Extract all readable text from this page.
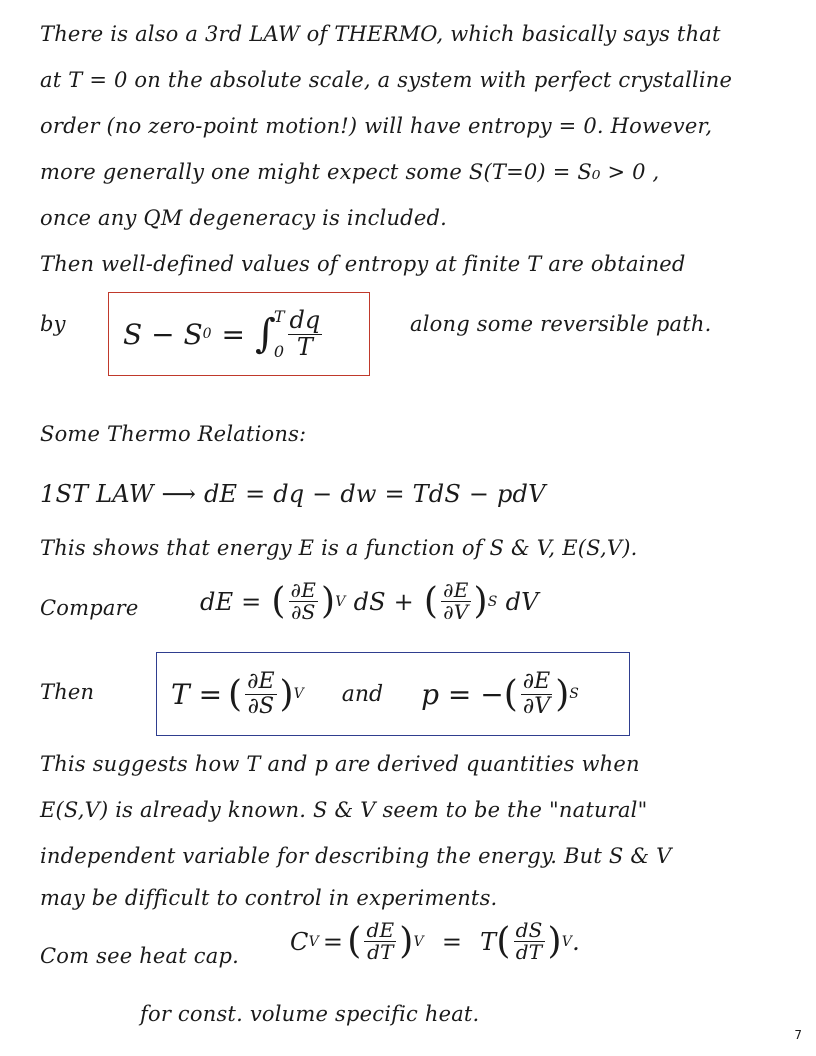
There is also a 3rd LAW of THERMO, which basically says that
at T = 0 on the absolute scale, a system with perfect crystalline
order (no zero-point motion!) will have entropy = 0. However,
more generally one might expect some S(T=0) = S₀ > 0 ,
once any QM degeneracy is included.
Then well-defined values of entropy at finite T are obtained
by S − S 0 = ∫
T
$0 \frac{dq}{T}$	along some reversible path.
Some Thermo Relations:
1ST LAW ⟶ dE = dq − dw = TdS − pdV
This shows that energy E is a function of S & V, E(S,V).
Compare	dE = ( $\frac{\partial E}{\partial S}$ ) V dS + ( $\frac{\partial E}{\partial V}$ ) S dV
Then	T = ( $\frac{\partial E}{\partial S}$ ) V and p = − ( $\frac{\partial E}{\partial V}$ ) S
This suggests how T and p are derived quantities when
E(S,V) is already known. S & V seem to be the "natural"
independent variable for describing the energy. But S & V
may be difficult to control in experiments.
Com see heat cap.
C V = ( $\frac{dE}{dT}$ ) V = T ( $\frac{dS}{dT}$ ) V .
for const. volume specific heat.
7
